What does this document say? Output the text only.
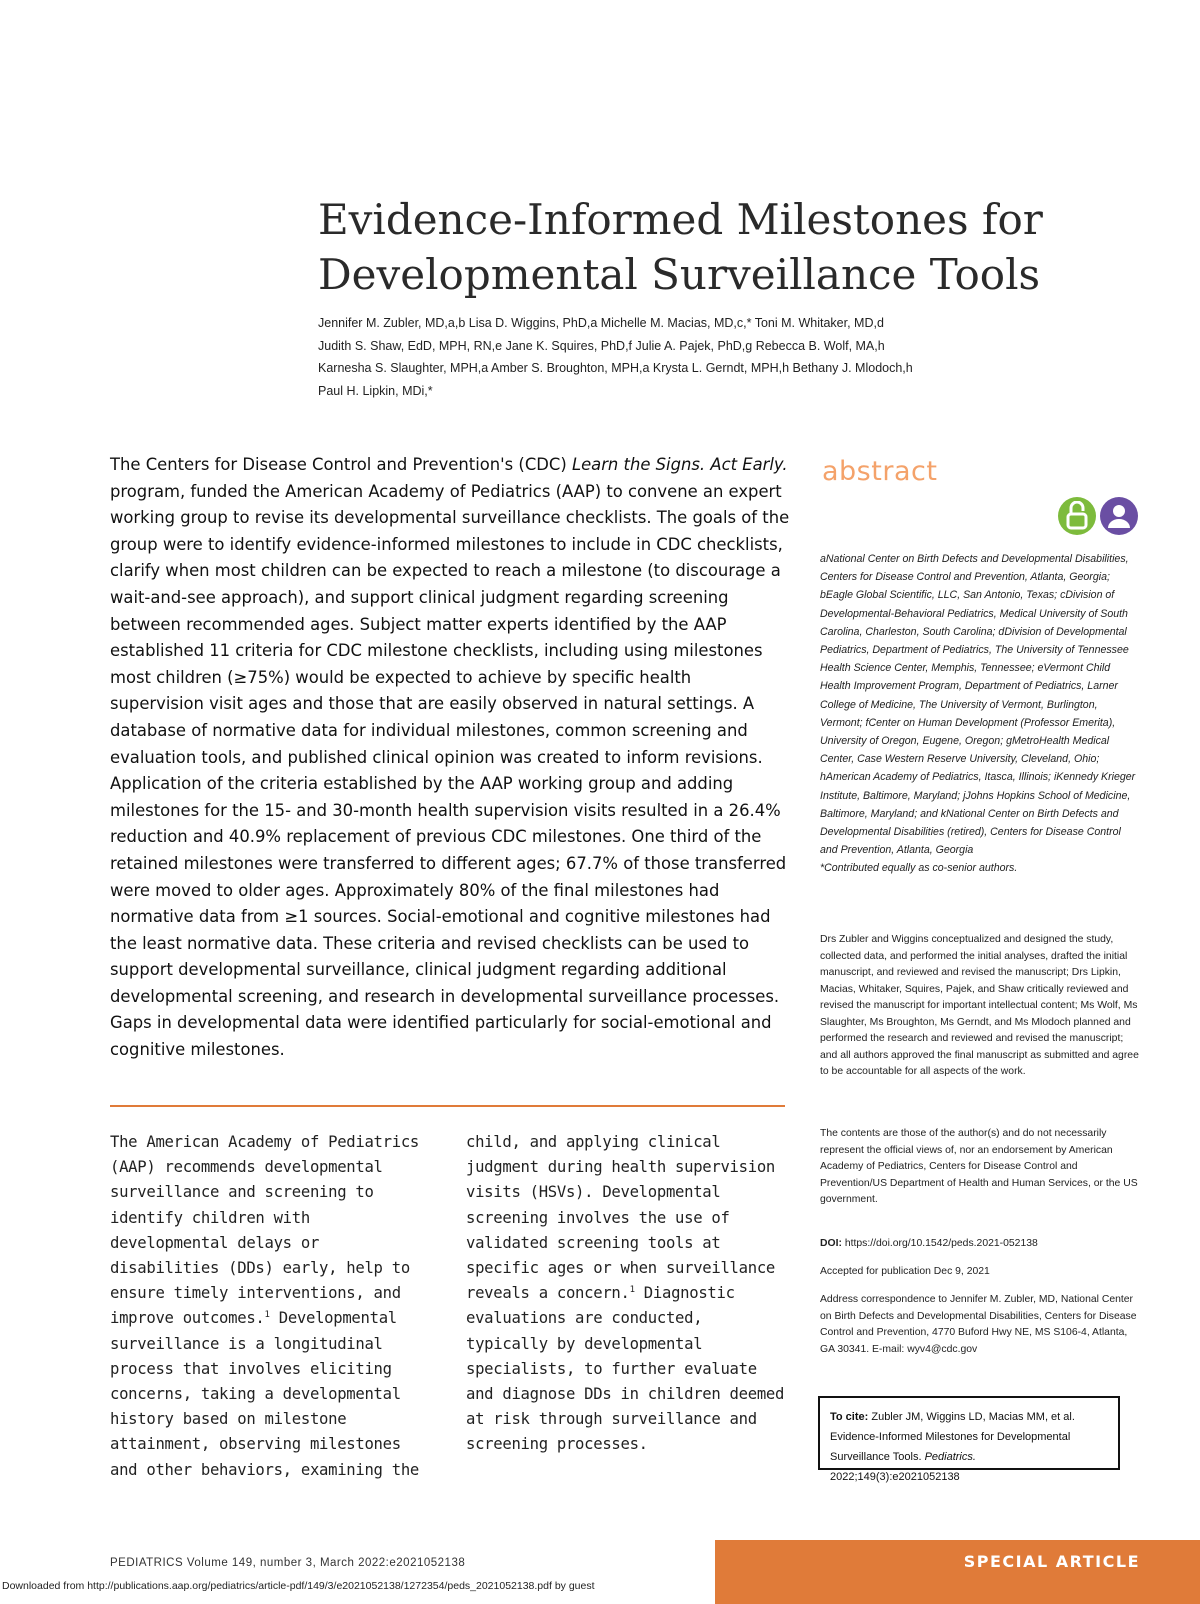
Evidence-Informed Milestones for
Developmental Surveillance Tools
Jennifer M. Zubler, MD,a,b Lisa D. Wiggins, PhD,a Michelle M. Macias, MD,c,* Toni M. Whitaker, MD,d
Judith S. Shaw, EdD, MPH, RN,e Jane K. Squires, PhD,f Julie A. Pajek, PhD,g Rebecca B. Wolf, MA,h
Karnesha S. Slaughter, MPH,a Amber S. Broughton, MPH,a Krysta L. Gerndt, MPH,h Bethany J. Mlodoch,h
Paul H. Lipkin, MDi,*

The Centers for Disease Control and Prevention's (CDC) Learn the Signs. Act Early. program, funded the American Academy of Pediatrics (AAP) to convene an expert working group to revise its developmental surveillance checklists. The goals of the group were to identify evidence-informed milestones to include in CDC checklists, clarify when most children can be expected to reach a milestone (to discourage a wait-and-see approach), and support clinical judgment regarding screening between recommended ages. Subject matter experts identified by the AAP established 11 criteria for CDC milestone checklists, including using milestones most children (≥75%) would be expected to achieve by specific health supervision visit ages and those that are easily observed in natural settings. A database of normative data for individual milestones, common screening and evaluation tools, and published clinical opinion was created to inform revisions. Application of the criteria established by the AAP working group and adding milestones for the 15- and 30-month health supervision visits resulted in a 26.4% reduction and 40.9% replacement of previous CDC milestones. One third of the retained milestones were transferred to different ages; 67.7% of those transferred were moved to older ages. Approximately 80% of the final milestones had normative data from ≥1 sources. Social-emotional and cognitive milestones had the least normative data. These criteria and revised checklists can be used to support developmental surveillance, clinical judgment regarding additional developmental screening, and research in developmental surveillance processes. Gaps in developmental data were identified particularly for social-emotional and cognitive milestones.

The American Academy of Pediatrics (AAP) recommends developmental surveillance and screening to identify children with developmental delays or disabilities (DDs) early, help to ensure timely interventions, and improve outcomes.$^1$ Developmental surveillance is a longitudinal process that involves eliciting concerns, taking a developmental history based on milestone attainment, observing milestones and other behaviors, examining the

child, and applying clinical judgment during health supervision visits (HSVs). Developmental screening involves the use of validated screening tools at specific ages or when surveillance reveals a concern.$^1$ Diagnostic evaluations are conducted, typically by developmental specialists, to further evaluate and diagnose DDs in children deemed at risk through surveillance and screening processes.

abstract
aNational Center on Birth Defects and Developmental Disabilities, Centers for Disease Control and Prevention, Atlanta, Georgia; bEagle Global Scientific, LLC, San Antonio, Texas; cDivision of Developmental-Behavioral Pediatrics, Medical University of South Carolina, Charleston, South Carolina; dDivision of Developmental Pediatrics, Department of Pediatrics, The University of Tennessee Health Science Center, Memphis, Tennessee; eVermont Child Health Improvement Program, Department of Pediatrics, Larner College of Medicine, The University of Vermont, Burlington, Vermont; fCenter on Human Development (Professor Emerita), University of Oregon, Eugene, Oregon; gMetroHealth Medical Center, Case Western Reserve University, Cleveland, Ohio; hAmerican Academy of Pediatrics, Itasca, Illinois; iKennedy Krieger Institute, Baltimore, Maryland; jJohns Hopkins School of Medicine, Baltimore, Maryland; and kNational Center on Birth Defects and Developmental Disabilities (retired), Centers for Disease Control and Prevention, Atlanta, Georgia
*Contributed equally as co-senior authors.
Drs Zubler and Wiggins conceptualized and designed the study, collected data, and performed the initial analyses, drafted the initial manuscript, and reviewed and revised the manuscript; Drs Lipkin, Macias, Whitaker, Squires, Pajek, and Shaw critically reviewed and revised the manuscript for important intellectual content; Ms Wolf, Ms Slaughter, Ms Broughton, Ms Gerndt, and Ms Mlodoch planned and performed the research and reviewed and revised the manuscript; and all authors approved the final manuscript as submitted and agree to be accountable for all aspects of the work.
The contents are those of the author(s) and do not necessarily represent the official views of, nor an endorsement by American Academy of Pediatrics, Centers for Disease Control and Prevention/US Department of Health and Human Services, or the US government.
DOI: https://doi.org/10.1542/peds.2021-052138
Accepted for publication Dec 9, 2021
Address correspondence to Jennifer M. Zubler, MD, National Center on Birth Defects and Developmental Disabilities, Centers for Disease Control and Prevention, 4770 Buford Hwy NE, MS S106-4, Atlanta, GA 30341. E-mail: wyv4@cdc.gov
To cite: Zubler JM, Wiggins LD, Macias MM, et al. Evidence-Informed Milestones for Developmental Surveillance Tools. Pediatrics. 2022;149(3):e2021052138
PEDIATRICS Volume 149, number 3, March 2022:e2021052138	SPECIAL ARTICLE
Downloaded from http://publications.aap.org/pediatrics/article-pdf/149/3/e2021052138/1272354/peds_2021052138.pdf by guest
